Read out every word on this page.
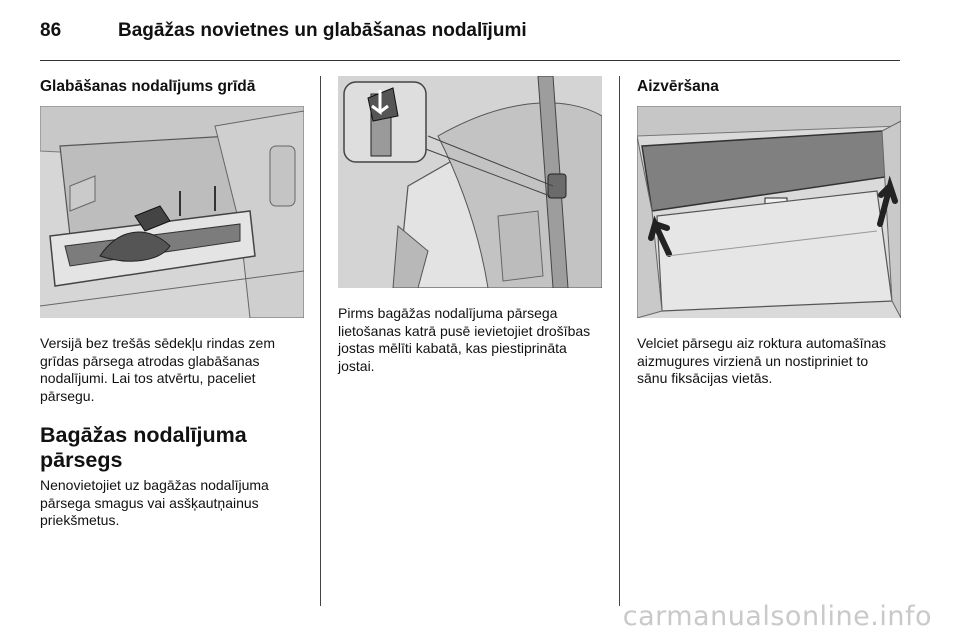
86	Bagāžas novietnes un glabāšanas nodalījumi
Glabāšanas nodalījums grīdā

Versijā bez trešās sēdekļu rindas zem grīdas pārsega atrodas glabāšanas nodalījumi. Lai tos atvērtu, paceliet pārsegu.

Bagāžas nodalījuma pārsegs

Nenovietojiet uz bagāžas nodalījuma pārsega smagus vai asšķautņainus priekšmetus.

Pirms bagāžas nodalījuma pārsega lietošanas katrā pusē ievietojiet drošības jostas mēlīti kabatā, kas piestiprināta jostai.

Aizvēršana

Velciet pārsegu aiz roktura automašīnas aizmugures virzienā un nostipriniet to sānu fiksācijas vietās.

carmanualsonline.info
